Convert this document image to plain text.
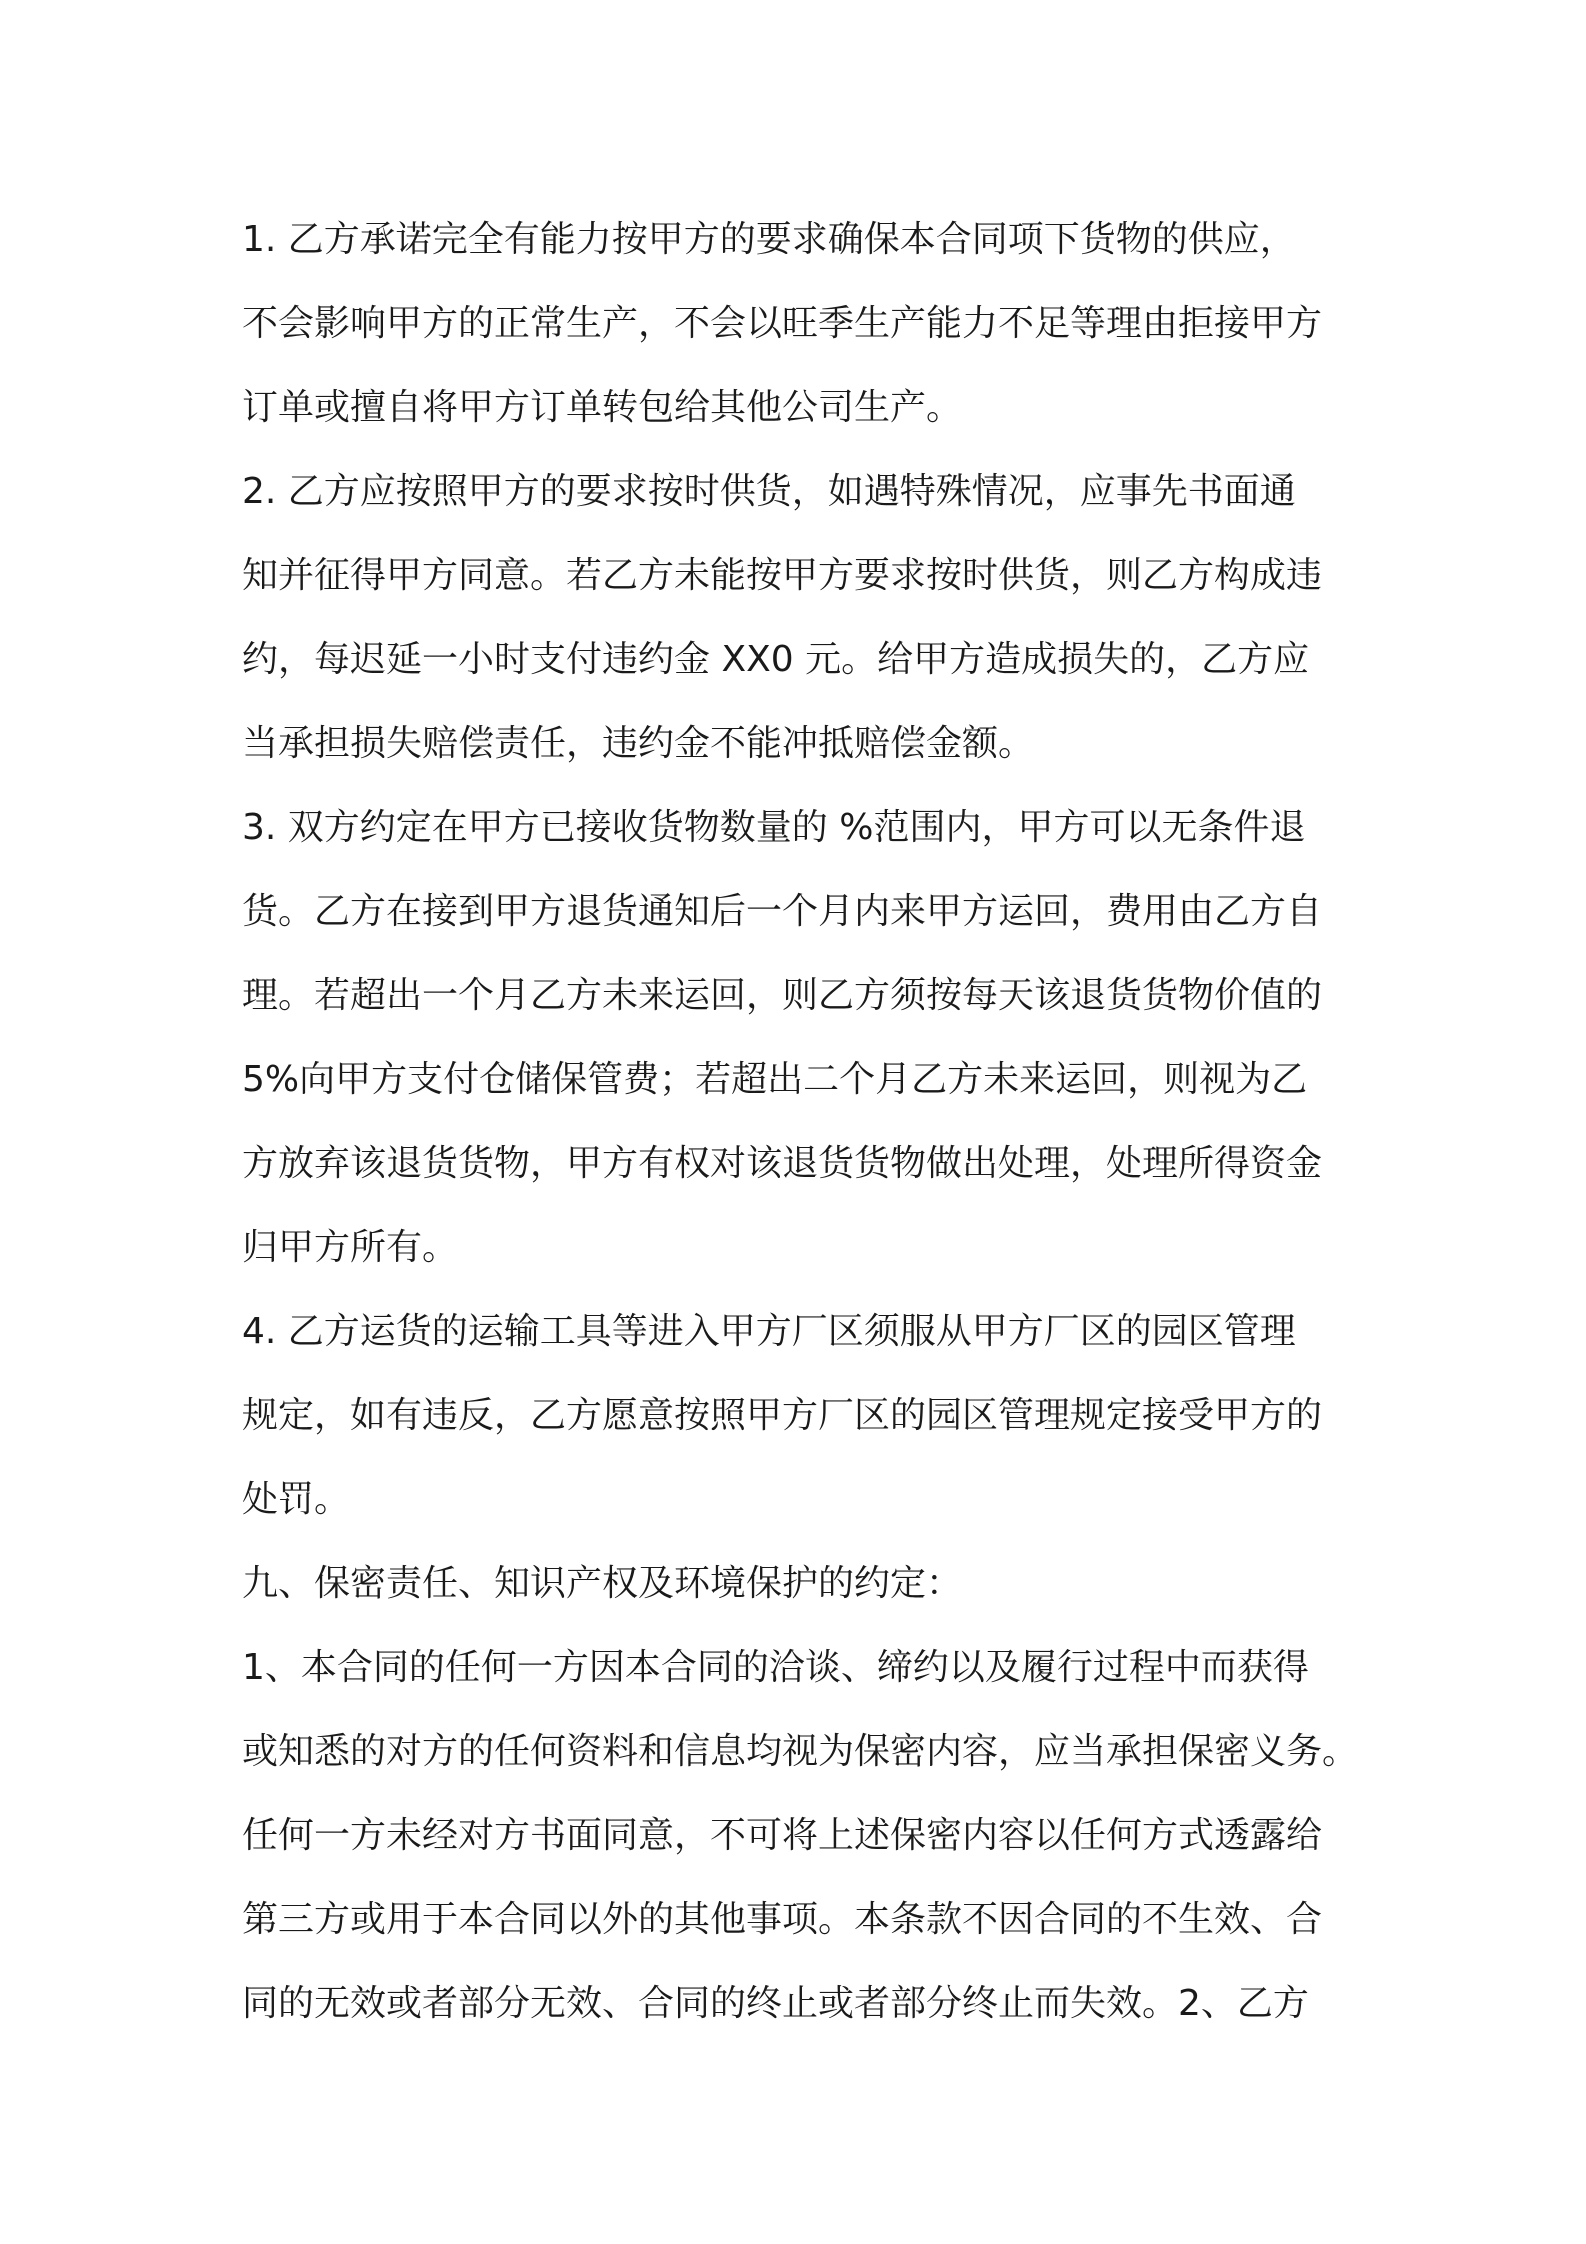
1. 乙方承诺完全有能力按甲方的要求确保本合同项下货物的供应，
不会影响甲方的正常生产，不会以旺季生产能力不足等理由拒接甲方
订单或擅自将甲方订单转包给其他公司生产。
2. 乙方应按照甲方的要求按时供货，如遇特殊情况，应事先书面通
知并征得甲方同意。若乙方未能按甲方要求按时供货，则乙方构成违
约，每迟延一小时支付违约金 XX0 元。给甲方造成损失的，乙方应
当承担损失赔偿责任，违约金不能冲抵赔偿金额。
3. 双方约定在甲方已接收货物数量的 %范围内，甲方可以无条件退
货。乙方在接到甲方退货通知后一个月内来甲方运回，费用由乙方自
理。若超出一个月乙方未来运回，则乙方须按每天该退货货物价值的
5%向甲方支付仓储保管费；若超出二个月乙方未来运回，则视为乙
方放弃该退货货物，甲方有权对该退货货物做出处理，处理所得资金
归甲方所有。
4. 乙方运货的运输工具等进入甲方厂区须服从甲方厂区的园区管理
规定，如有违反，乙方愿意按照甲方厂区的园区管理规定接受甲方的
处罚。
九、保密责任、知识产权及环境保护的约定：
1、本合同的任何一方因本合同的洽谈、缔约以及履行过程中而获得
或知悉的对方的任何资料和信息均视为保密内容，应当承担保密义务。
任何一方未经对方书面同意，不可将上述保密内容以任何方式透露给
第三方或用于本合同以外的其他事项。本条款不因合同的不生效、合
同的无效或者部分无效、合同的终止或者部分终止而失效。2、乙方
